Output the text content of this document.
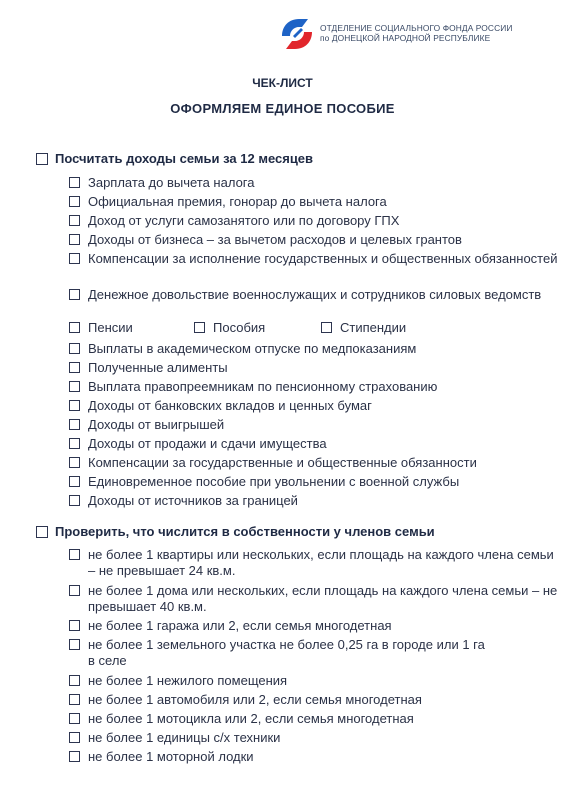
ОТДЕЛЕНИЕ СОЦИАЛЬНОГО ФОНДА РОССИИ
по ДОНЕЦКОЙ НАРОДНОЙ РЕСПУБЛИКЕ
ЧЕК-ЛИСТ
ОФОРМЛЯЕМ ЕДИНОЕ ПОСОБИЕ
Посчитать доходы семьи за 12 месяцев
Зарплата до вычета налога
Официальная премия, гонорар до вычета налога
Доход от услуги самозанятого или по договору ГПХ
Доходы от бизнеса – за вычетом расходов и целевых грантов
Компенсации за исполнение государственных и общественных обязанностей
Денежное довольствие военнослужащих и сотрудников силовых ведомств
Пенсии	Пособия	Стипендии
Выплаты в академическом отпуске по медпоказаниям
Полученные алименты
Выплата правопреемникам по пенсионному страхованию
Доходы от банковских вкладов и ценных бумаг
Доходы от выигрышей
Доходы от продажи и сдачи имущества
Компенсации за государственные и общественные обязанности
Единовременное пособие при увольнении с военной службы
Доходы от источников за границей
Проверить, что числится в собственности у членов семьи
не более 1 квартиры или нескольких, если площадь на каждого члена семьи – не превышает 24 кв.м.
не более 1 дома или нескольких, если площадь на каждого члена семьи – не превышает 40 кв.м.
не более 1 гаража или 2, если семья многодетная
не более 1 земельного участка не более 0,25 га в городе или 1 га в селе
не более 1 нежилого помещения
не более 1 автомобиля или 2, если семья многодетная
не более 1 мотоцикла или 2, если семья многодетная
не более 1 единицы с/х техники
не более 1 моторной лодки
